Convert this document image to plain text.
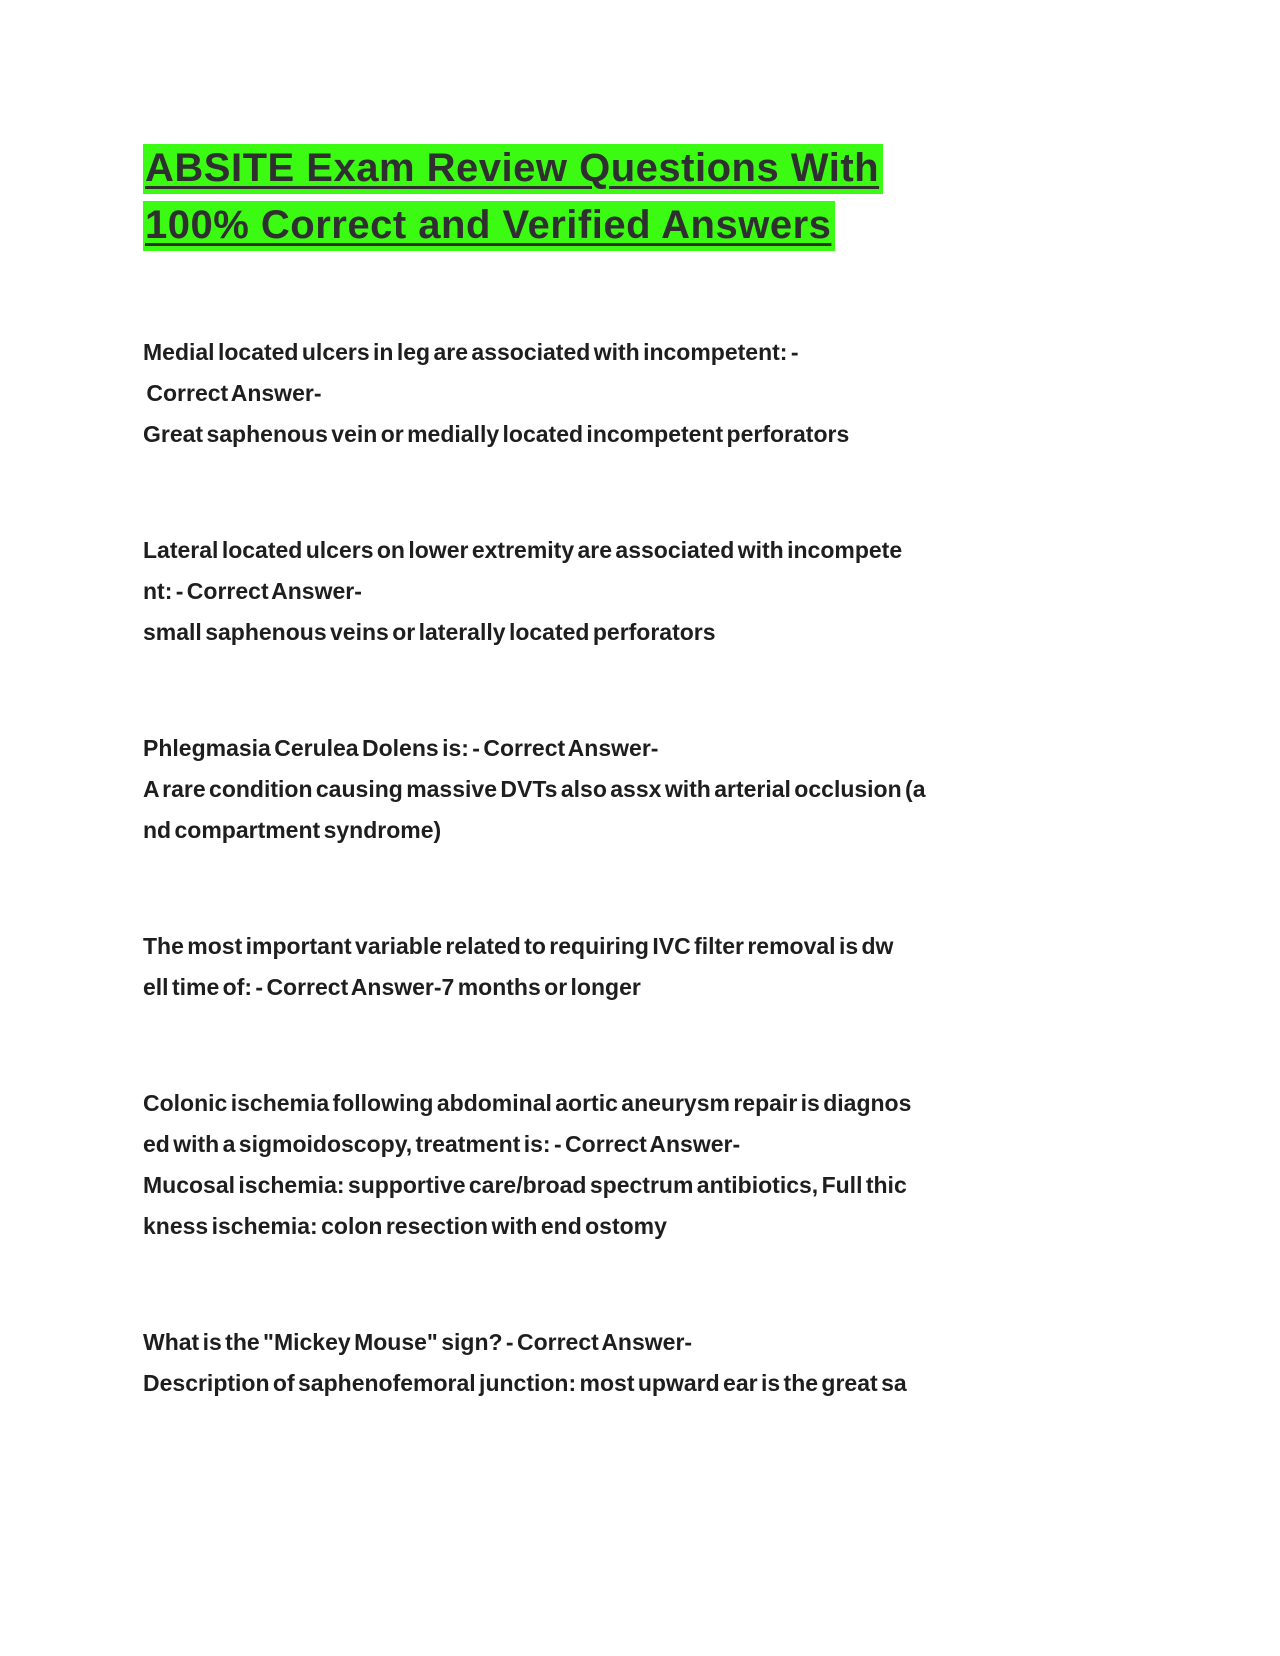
ABSITE Exam Review Questions With
100% Correct and Verified Answers
Medial located ulcers in leg are associated with incompetent: -
Correct Answer-
Great saphenous vein or medially located incompetent perforators
Lateral located ulcers on lower extremity are associated with incompete
nt: - Correct Answer-
small saphenous veins or laterally located perforators
Phlegmasia Cerulea Dolens is: - Correct Answer-
A rare condition causing massive DVTs also assx with arterial occlusion (a
nd compartment syndrome)
The most important variable related to requiring IVC filter removal is dw
ell time of: - Correct Answer-7 months or longer
Colonic ischemia following abdominal aortic aneurysm repair is diagnos
ed with a sigmoidoscopy, treatment is: - Correct Answer-
Mucosal ischemia: supportive care/broad spectrum antibiotics, Full thic
kness ischemia: colon resection with end ostomy
What is the "Mickey Mouse" sign? - Correct Answer-
Description of saphenofemoral junction: most upward ear is the great sa
